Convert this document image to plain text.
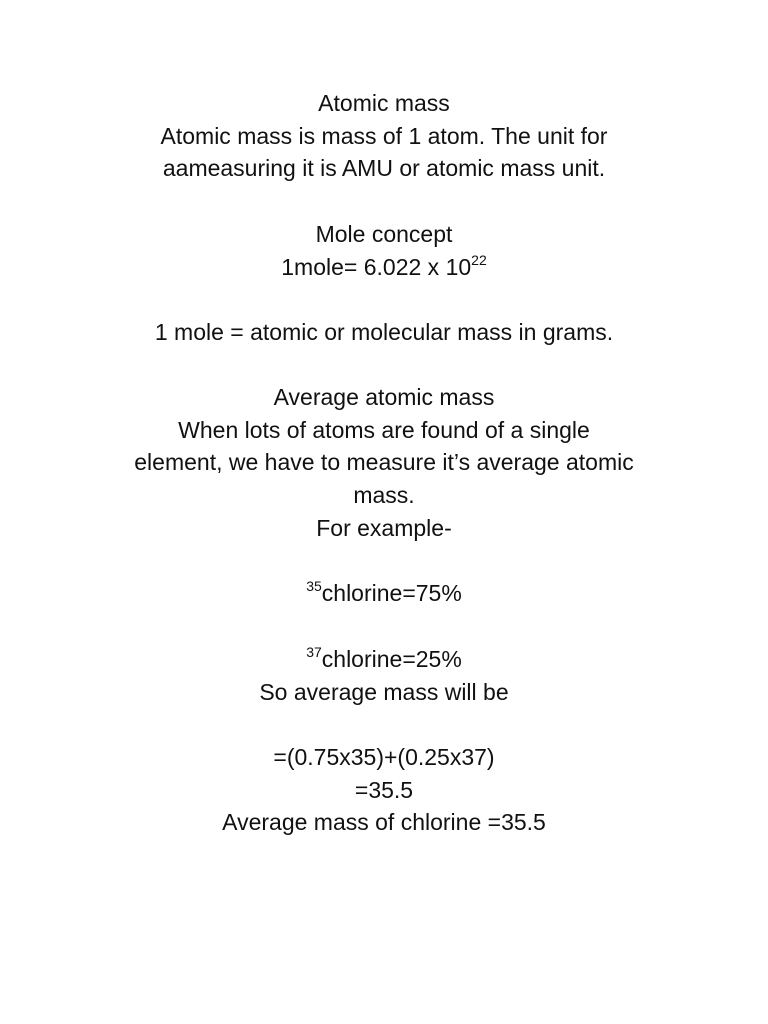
Atomic mass
Atomic mass is mass of 1 atom. The unit for
aameasuring it is AMU or atomic mass unit.
Mole concept
1mole= 6.022 x $10^{22}$
1 mole = atomic or molecular mass in grams.
Average atomic mass
When lots of atoms are found of a single
element, we have to measure it’s average atomic
mass.
For example-
$^{35}$chlorine=75%
$^{37}$chlorine=25%
So average mass will be
=(0.75x35)+(0.25x37)
=35.5
Average mass of chlorine =35.5
